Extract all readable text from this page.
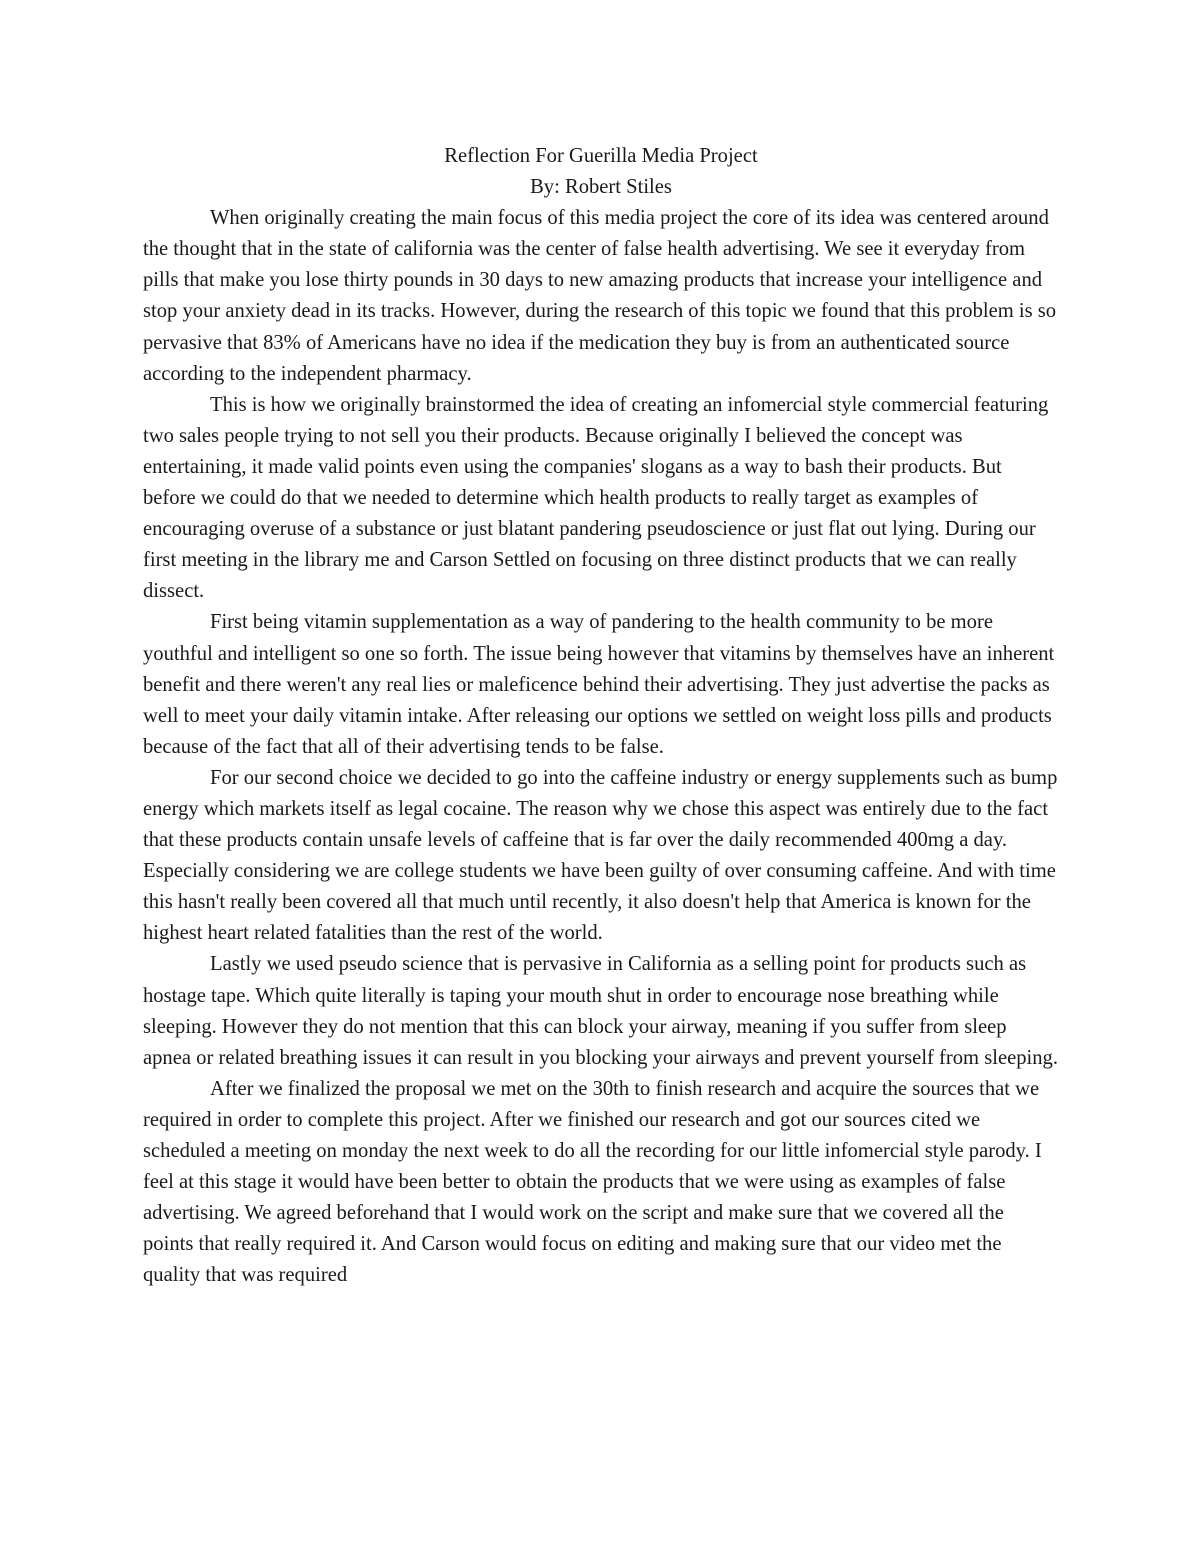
Reflection For Guerilla Media Project

By: Robert Stiles

When originally creating the main focus of this media project the core of its idea was centered around the thought that in the state of california was the center of false health advertising. We see it everyday from pills that make you lose thirty pounds in 30 days to new amazing products that increase your intelligence and stop your anxiety dead in its tracks. However, during the research of this topic we found that this problem is so pervasive that 83% of Americans have no idea if the medication they buy is from an authenticated source according to the independent pharmacy.

This is how we originally brainstormed the idea of creating an infomercial style commercial featuring two sales people trying to not sell you their products. Because originally I believed the concept was entertaining, it made valid points even using the companies' slogans as a way to bash their products. But before we could do that we needed to determine which health products to really target as examples of encouraging overuse of a substance or just blatant pandering pseudoscience or just flat out lying. During our first meeting in the library me and Carson Settled on focusing on three distinct products that we can really dissect.

First being vitamin supplementation as a way of pandering to the health community to be more youthful and intelligent so one so forth. The issue being however that vitamins by themselves have an inherent benefit and there weren't any real lies or maleficence behind their advertising. They just advertise the packs as well to meet your daily vitamin intake. After releasing our options we settled on weight loss pills and products because of the fact that all of their advertising tends to be false.

For our second choice we decided to go into the caffeine industry or energy supplements such as bump energy which markets itself as legal cocaine. The reason why we chose this aspect was entirely due to the fact that these products contain unsafe levels of caffeine that is far over the daily recommended 400mg a day. Especially considering we are college students we have been guilty of over consuming caffeine. And with time this hasn't really been covered all that much until recently, it also doesn't help that America is known for the highest heart related fatalities than the rest of the world.

Lastly we used pseudo science that is pervasive in California as a selling point for products such as hostage tape. Which quite literally is taping your mouth shut in order to encourage nose breathing while sleeping. However they do not mention that this can block your airway, meaning if you suffer from sleep apnea or related breathing issues it can result in you blocking your airways and prevent yourself from sleeping.

After we finalized the proposal we met on the 30th to finish research and acquire the sources that we required in order to complete this project. After we finished our research and got our sources cited we scheduled a meeting on monday the next week to do all the recording for our little infomercial style parody. I feel at this stage it would have been better to obtain the products that we were using as examples of false advertising. We agreed beforehand that I would work on the script and make sure that we covered all the points that really required it. And Carson would focus on editing and making sure that our video met the quality that was required
